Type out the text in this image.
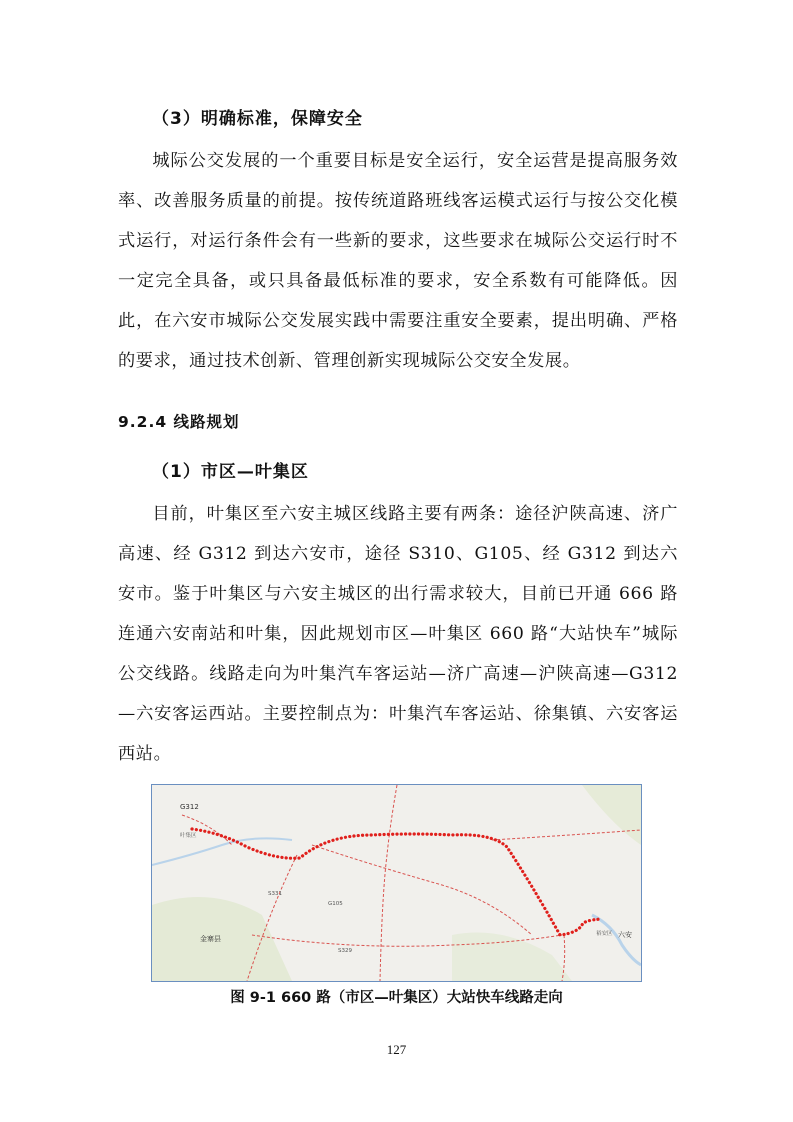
（3）明确标准，保障安全

城际公交发展的一个重要目标是安全运行，安全运营是提高服务效率、改善服务质量的前提。按传统道路班线客运模式运行与按公交化模式运行，对运行条件会有一些新的要求，这些要求在城际公交运行时不一定完全具备，或只具备最低标准的要求，安全系数有可能降低。因此，在六安市城际公交发展实践中需要注重安全要素，提出明确、严格的要求，通过技术创新、管理创新实现城际公交安全发展。

9.2.4 线路规划
（1）市区—叶集区

目前，叶集区至六安主城区线路主要有两条：途径沪陕高速、济广高速、经 G312 到达六安市，途径 S310、G105、经 G312 到达六安市。鉴于叶集区与六安主城区的出行需求较大，目前已开通 666 路连通六安南站和叶集，因此规划市区—叶集区 660 路“大站快车”城际公交线路。线路走向为叶集汽车客运站—济广高速—沪陕高速—G312—六安客运西站。主要控制点为：叶集汽车客运站、徐集镇、六安客运西站。

G312
叶集区
S331
G105
S329
金寨县
裕安区 六安
图 9-1 660 路（市区—叶集区）大站快车线路走向
127
